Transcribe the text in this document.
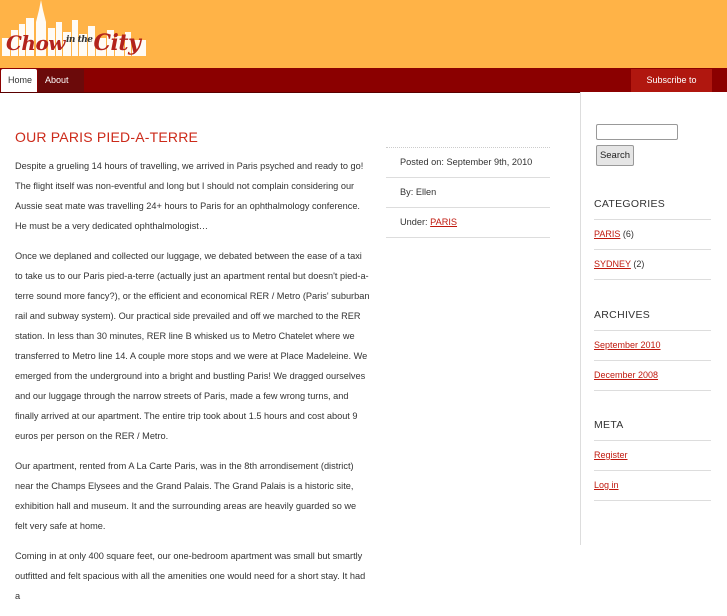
Chow$^{in the}$City
Home	About Us
Subscribe to
OUR PARIS PIED-A-TERRE

Despite a grueling 14 hours of travelling, we arrived in Paris psyched and ready to go! The flight itself was non-eventful and long but I should not complain considering our Aussie seat mate was travelling 24+ hours to Paris for an ophthalmology conference. He must be a very dedicated ophthalmologist…

Once we deplaned and collected our luggage, we debated between the ease of a taxi to take us to our Paris pied-a-terre (actually just an apartment rental but doesn't pied-a-terre sound more fancy?), or the efficient and economical RER / Metro (Paris' suburban rail and subway system). Our practical side prevailed and off we marched to the RER station. In less than 30 minutes, RER line B whisked us to Metro Chatelet where we transferred to Metro line 14. A couple more stops and we were at Place Madeleine. We emerged from the underground into a bright and bustling Paris! We dragged ourselves and our luggage through the narrow streets of Paris, made a few wrong turns, and finally arrived at our apartment. The entire trip took about 1.5 hours and cost about 9 euros per person on the RER / Metro.

Our apartment, rented from A La Carte Paris, was in the 8th arrondisement (district) near the Champs Elysees and the Grand Palais. The Grand Palais is a historic site, exhibition hall and museum. It and the surrounding areas are heavily guarded so we felt very safe at home.

Coming in at only 400 square feet, our one-bedroom apartment was small but smartly outfitted and felt spacious with all the amenities one would need for a short stay. It had a

Posted on: September 9th, 2010
By: Ellen
Under: PARIS
Search
CATEGORIES
PARIS (6)
SYDNEY (2)
ARCHIVES
September 2010
December 2008
META
Register
Log in
